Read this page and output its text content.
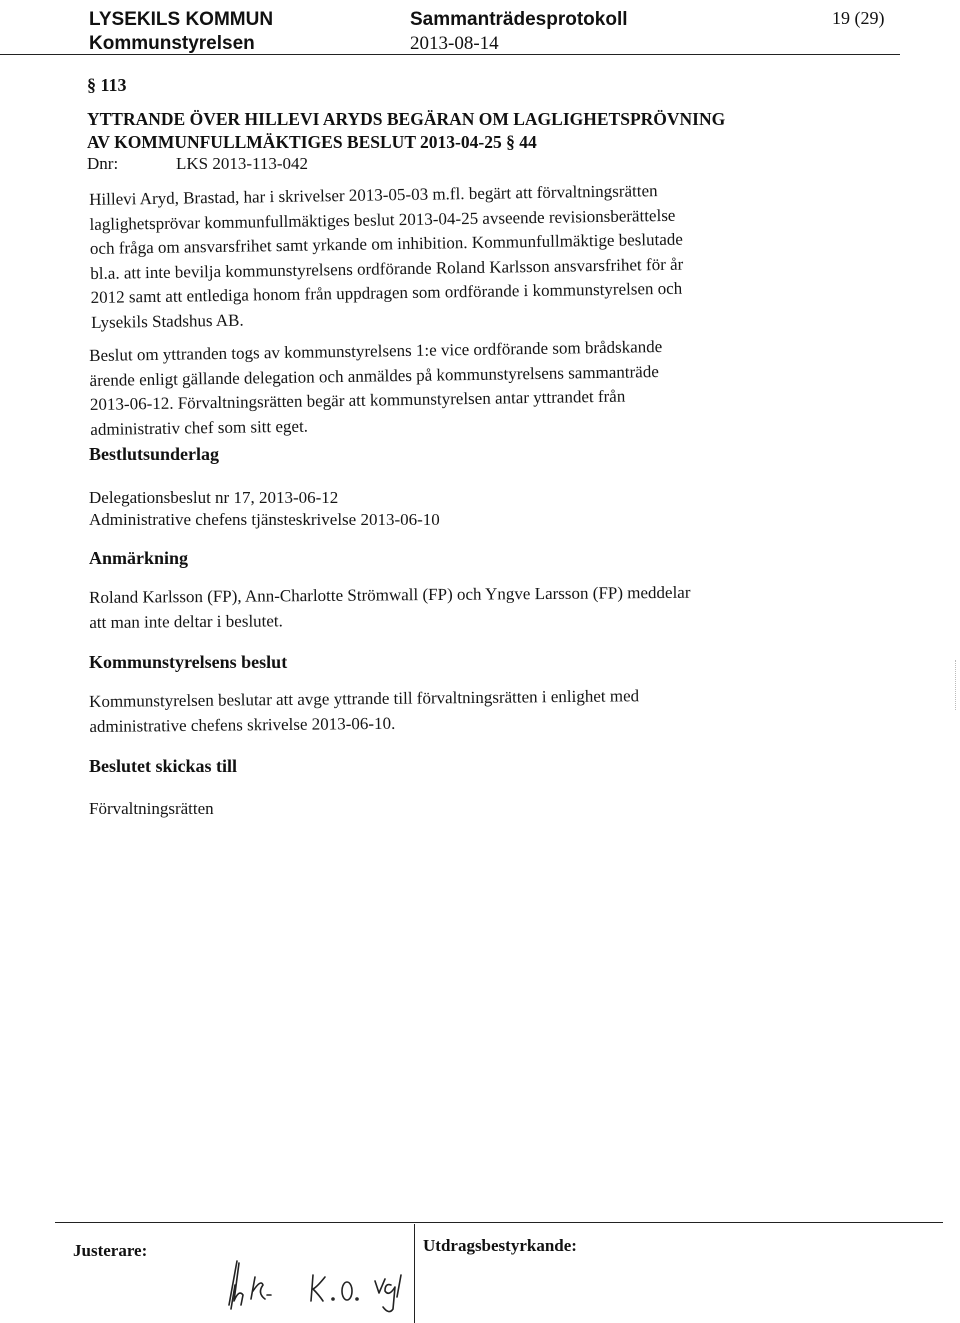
LYSEKILS KOMMUN
Kommunstyrelsen
Sammanträdesprotokoll
2013-08-14
19 (29)
§ 113
YTTRANDE ÖVER HILLEVI ARYDS BEGÄRAN OM LAGLIGHETSPRÖVNING
AV KOMMUNFULLMÄKTIGES BESLUT 2013-04-25 § 44
Dnr:	LKS 2013-113-042
Hillevi Aryd, Brastad, har i skrivelser 2013-05-03 m.fl. begärt att förvaltningsrätten
laglighetsprövar kommunfullmäktiges beslut 2013-04-25 avseende revisionsberättelse
och fråga om ansvarsfrihet samt yrkande om inhibition. Kommunfullmäktige beslutade
bl.a. att inte bevilja kommunstyrelsens ordförande Roland Karlsson ansvarsfrihet för år
2012 samt att entlediga honom från uppdragen som ordförande i kommunstyrelsen och
Lysekils Stadshus AB.
Beslut om yttranden togs av kommunstyrelsens 1:e vice ordförande som brådskande
ärende enligt gällande delegation och anmäldes på kommunstyrelsens sammanträde
2013-06-12. Förvaltningsrätten begär att kommunstyrelsen antar yttrandet från
administrativ chef som sitt eget.
Bestlutsunderlag
Delegationsbeslut nr 17, 2013-06-12
Administrative chefens tjänsteskrivelse 2013-06-10
Anmärkning
Roland Karlsson (FP), Ann-Charlotte Strömwall (FP) och Yngve Larsson (FP) meddelar
att man inte deltar i beslutet.
Kommunstyrelsens beslut
Kommunstyrelsen beslutar att avge yttrande till förvaltningsrätten i enlighet med
administrative chefens skrivelse 2013-06-10.
Beslutet skickas till
Förvaltningsrätten
Justerare:	Utdragsbestyrkande:
